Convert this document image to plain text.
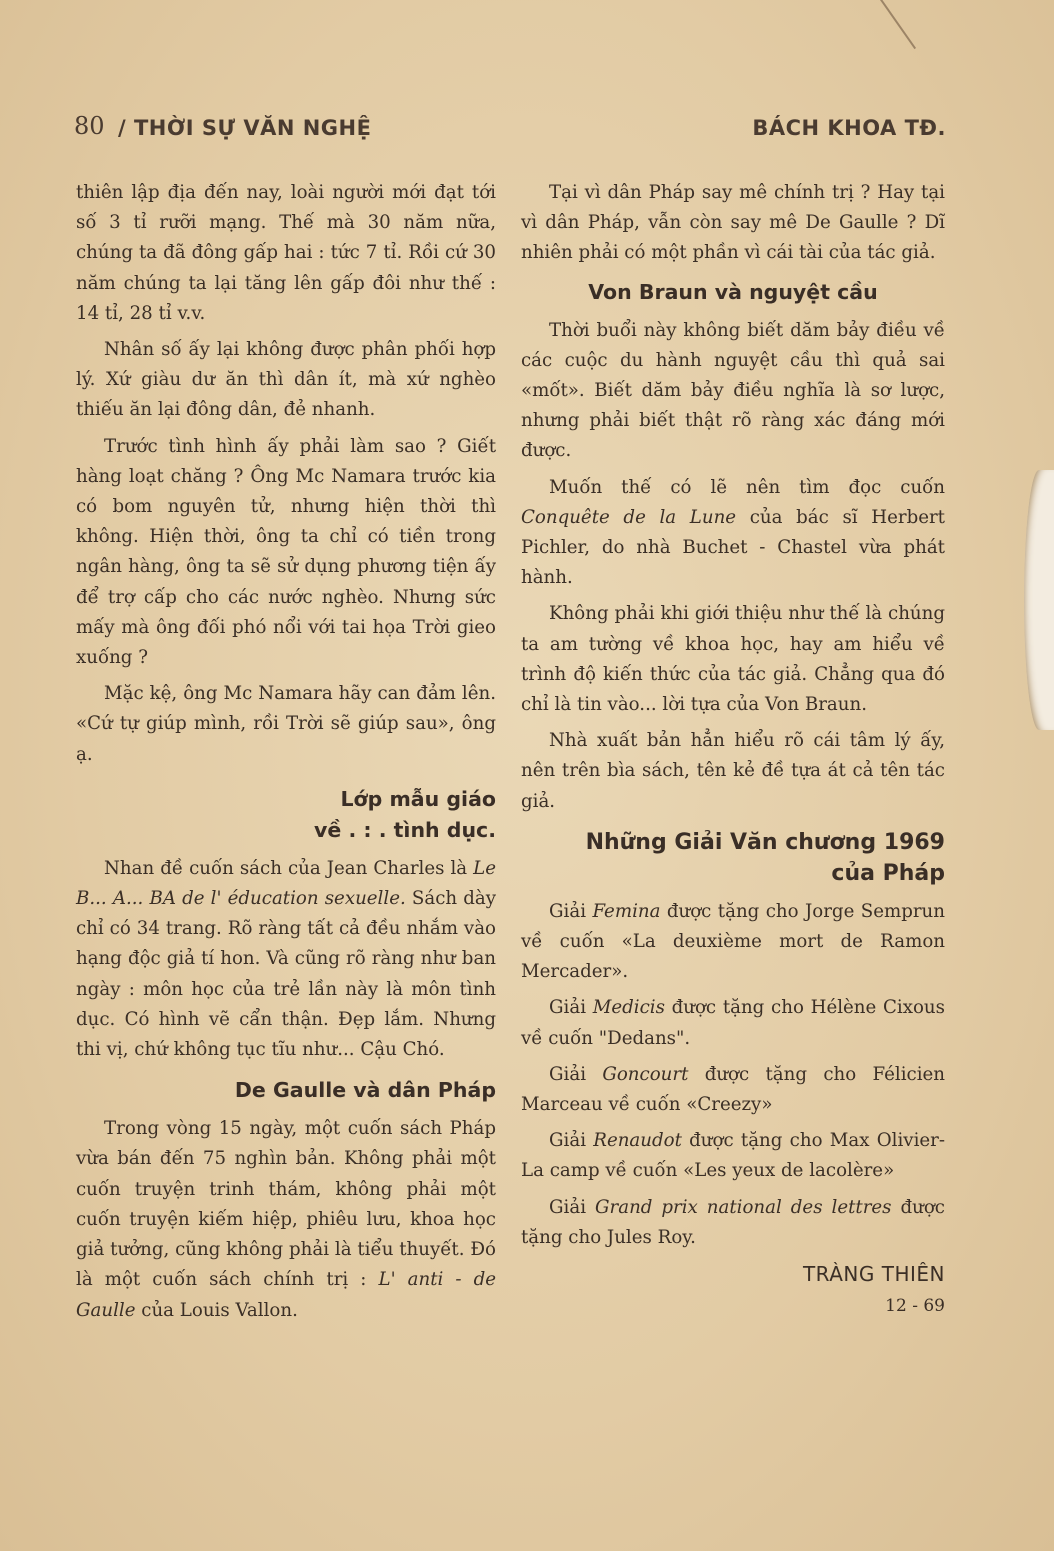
80 / THỜI SỰ VĂN NGHỆ	BÁCH KHOA TĐ.

thiên lập địa đến nay, loài người mới đạt tới số 3 tỉ rưỡi mạng. Thế mà 30 năm nữa, chúng ta đã đông gấp hai : tức 7 tỉ. Rồi cứ 30 năm chúng ta lại tăng lên gấp đôi như thế : 14 tỉ, 28 tỉ v.v.

Nhân số ấy lại không được phân phối hợp lý. Xứ giàu dư ăn thì dân ít, mà xứ nghèo thiếu ăn lại đông dân, đẻ nhanh.

Trước tình hình ấy phải làm sao ? Giết hàng loạt chăng ? Ông Mc Namara trước kia có bom nguyên tử, nhưng hiện thời thì không. Hiện thời, ông ta chỉ có tiền trong ngân hàng, ông ta sẽ sử dụng phương tiện ấy để trợ cấp cho các nước nghèo. Nhưng sức mấy mà ông đối phó nổi với tai họa Trời gieo xuống ?

Mặc kệ, ông Mc Namara hãy can đảm lên. «Cứ tự giúp mình, rồi Trời sẽ giúp sau», ông ạ.

Lớp mẫu giáo
về . : . tình dục.

Nhan đề cuốn sách của Jean Charles là Le B... A... BA de l' éducation sexuelle. Sách dày chỉ có 34 trang. Rõ ràng tất cả đều nhắm vào hạng độc giả tí hon. Và cũng rõ ràng như ban ngày : môn học của trẻ lần này là môn tình dục. Có hình vẽ cẩn thận. Đẹp lắm. Nhưng thi vị, chứ không tục tĩu như... Cậu Chó.

De Gaulle và dân Pháp

Trong vòng 15 ngày, một cuốn sách Pháp vừa bán đến 75 nghìn bản. Không phải một cuốn truyện trinh thám, không phải một cuốn truyện kiếm hiệp, phiêu lưu, khoa học giả tưởng, cũng không phải là tiểu thuyết. Đó là một cuốn sách chính trị : L' anti - de Gaulle của Louis Vallon.

Tại vì dân Pháp say mê chính trị ? Hay tại vì dân Pháp, vẫn còn say mê De Gaulle ? Dĩ nhiên phải có một phần vì cái tài của tác giả.

Von Braun và nguyệt cầu

Thời buổi này không biết dăm bảy điều về các cuộc du hành nguyệt cầu thì quả sai «mốt». Biết dăm bảy điều nghĩa là sơ lược, nhưng phải biết thật rõ ràng xác đáng mới được.

Muốn thế có lẽ nên tìm đọc cuốn Conquête de la Lune của bác sĩ Herbert Pichler, do nhà Buchet - Chastel vừa phát hành.

Không phải khi giới thiệu như thế là chúng ta am tường về khoa học, hay am hiểu về trình độ kiến thức của tác giả. Chẳng qua đó chỉ là tin vào... lời tựa của Von Braun.

Nhà xuất bản hẳn hiểu rõ cái tâm lý ấy, nên trên bìa sách, tên kẻ đề tựa át cả tên tác giả.

Những Giải Văn chương 1969
của Pháp

Giải Femina được tặng cho Jorge Semprun về cuốn «La deuxième mort de Ramon Mercader».

Giải Medicis được tặng cho Hélène Cixous về cuốn "Dedans".

Giải Goncourt được tặng cho Félicien Marceau về cuốn «Creezy»

Giải Renaudot được tặng cho Max Olivier-La camp về cuốn «Les yeux de lacolère»

Giải Grand prix national des lettres được tặng cho Jules Roy.

TRÀNG THIÊN
12 - 69
